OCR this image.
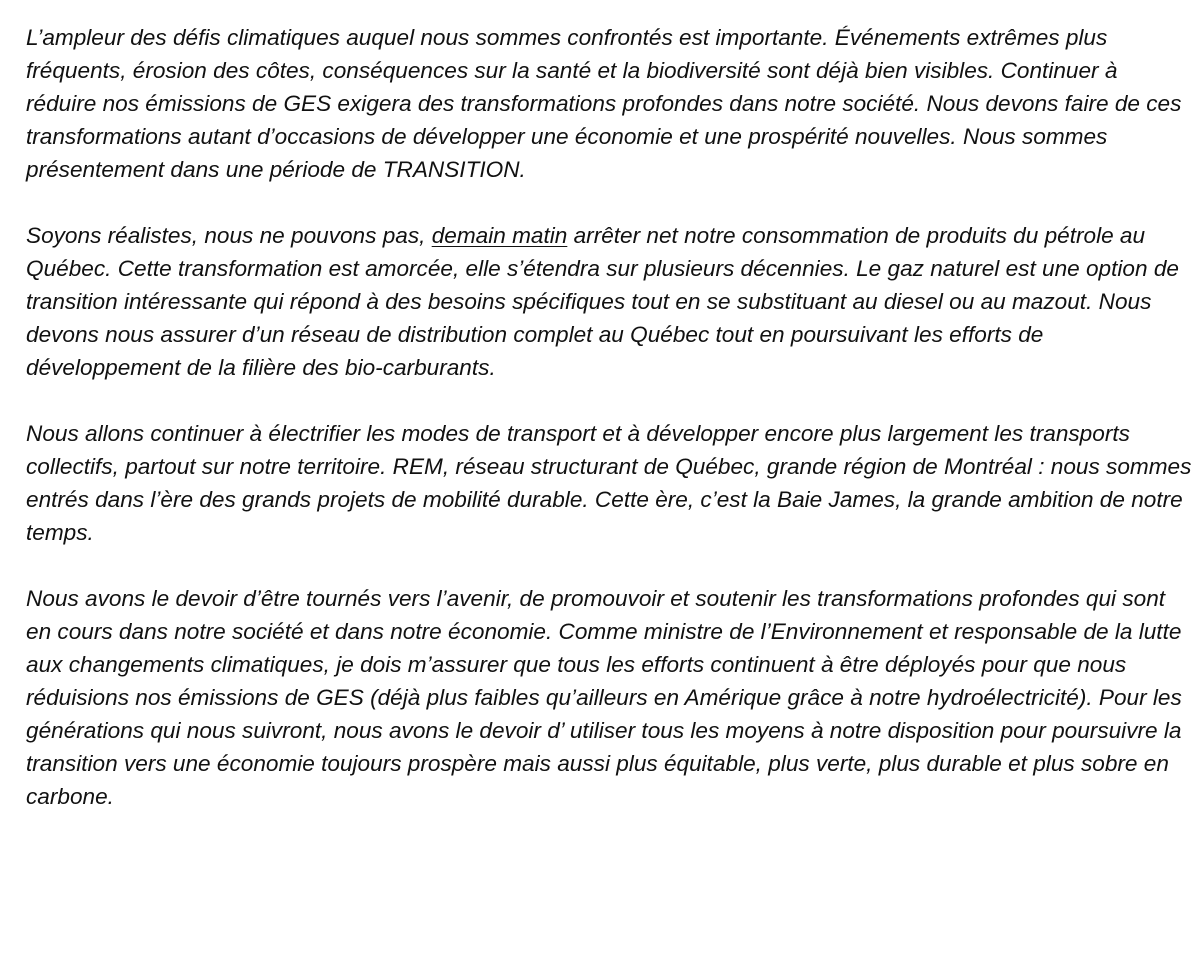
L’ampleur des défis climatiques auquel nous sommes confrontés est importante. Événements extrêmes plus fréquents, érosion des côtes, conséquences sur la santé et la biodiversité sont déjà bien visibles. Continuer à réduire nos émissions de GES exigera des transformations profondes dans notre société. Nous devons faire de ces transformations autant d’occasions de développer une économie et une prospérité nouvelles. Nous sommes présentement dans une période de TRANSITION.

Soyons réalistes, nous ne pouvons pas, demain matin arrêter net notre consommation de produits du pétrole au Québec. Cette transformation est amorcée, elle s’étendra sur plusieurs décennies. Le gaz naturel est une option de transition intéressante qui répond à des besoins spécifiques tout en se substituant au diesel ou au mazout. Nous devons nous assurer d’un réseau de distribution complet au Québec tout en poursuivant les efforts de développement de la filière des bio-carburants.

Nous allons continuer à électrifier les modes de transport et à développer encore plus largement les transports collectifs, partout sur notre territoire. REM, réseau structurant de Québec, grande région de Montréal : nous sommes entrés dans l’ère des grands projets de mobilité durable. Cette ère, c’est la Baie James, la grande ambition de notre temps.

Nous avons le devoir d’être tournés vers l’avenir, de promouvoir et soutenir les transformations profondes qui sont en cours dans notre société et dans notre économie. Comme ministre de l’Environnement et responsable de la lutte aux changements climatiques, je dois m’assurer que tous les efforts continuent à être déployés pour que nous réduisions nos émissions de GES (déjà plus faibles qu’ailleurs en Amérique grâce à notre hydroélectricité). Pour les générations qui nous suivront, nous avons le devoir d’ utiliser tous les moyens à notre disposition pour poursuivre la transition vers une économie toujours prospère mais aussi plus équitable, plus verte, plus durable et plus sobre en carbone.
